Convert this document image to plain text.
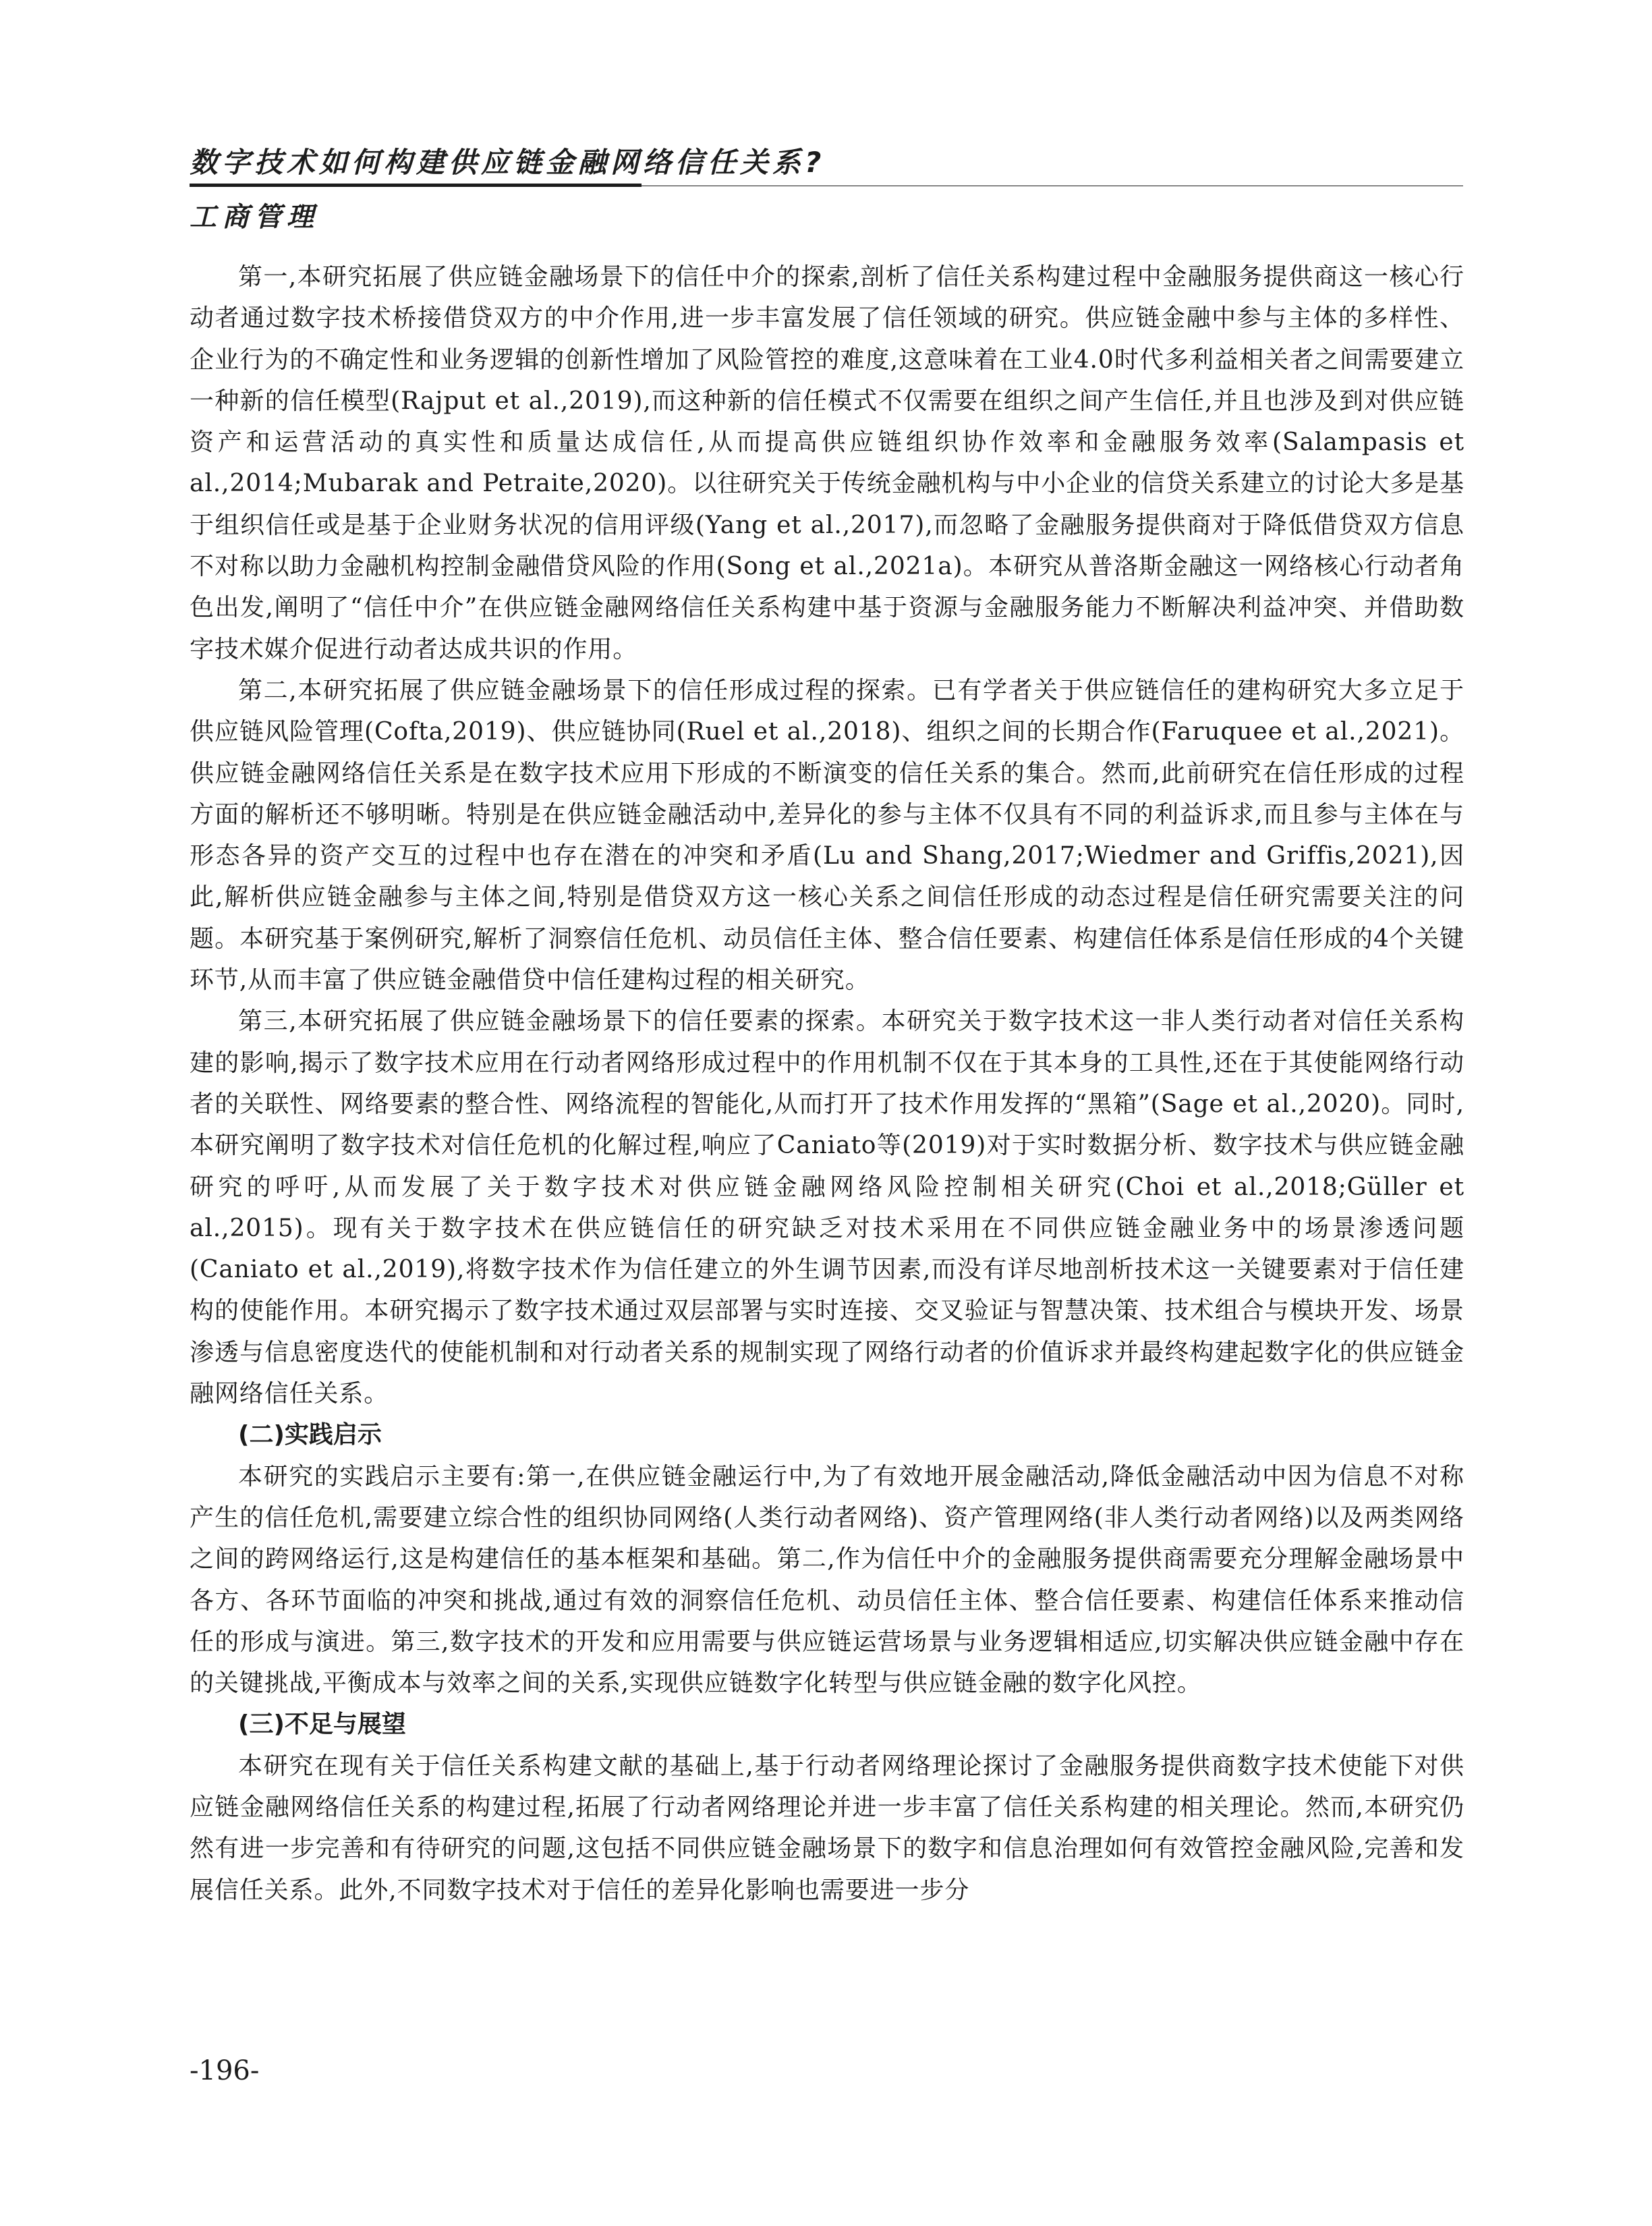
数字技术如何构建供应链金融网络信任关系?
工商管理

第一,本研究拓展了供应链金融场景下的信任中介的探索,剖析了信任关系构建过程中金融服务提供商这一核心行动者通过数字技术桥接借贷双方的中介作用,进一步丰富发展了信任领域的研究。供应链金融中参与主体的多样性、企业行为的不确定性和业务逻辑的创新性增加了风险管控的难度,这意味着在工业4.0时代多利益相关者之间需要建立一种新的信任模型(Rajput et al.,2019),而这种新的信任模式不仅需要在组织之间产生信任,并且也涉及到对供应链资产和运营活动的真实性和质量达成信任,从而提高供应链组织协作效率和金融服务效率(Salampasis et al.,2014;Mubarak and Petraite,2020)。以往研究关于传统金融机构与中小企业的信贷关系建立的讨论大多是基于组织信任或是基于企业财务状况的信用评级(Yang et al.,2017),而忽略了金融服务提供商对于降低借贷双方信息不对称以助力金融机构控制金融借贷风险的作用(Song et al.,2021a)。本研究从普洛斯金融这一网络核心行动者角色出发,阐明了“信任中介”在供应链金融网络信任关系构建中基于资源与金融服务能力不断解决利益冲突、并借助数字技术媒介促进行动者达成共识的作用。

第二,本研究拓展了供应链金融场景下的信任形成过程的探索。已有学者关于供应链信任的建构研究大多立足于供应链风险管理(Cofta,2019)、供应链协同(Ruel et al.,2018)、组织之间的长期合作(Faruquee et al.,2021)。供应链金融网络信任关系是在数字技术应用下形成的不断演变的信任关系的集合。然而,此前研究在信任形成的过程方面的解析还不够明晰。特别是在供应链金融活动中,差异化的参与主体不仅具有不同的利益诉求,而且参与主体在与形态各异的资产交互的过程中也存在潜在的冲突和矛盾(Lu and Shang,2017;Wiedmer and Griffis,2021),因此,解析供应链金融参与主体之间,特别是借贷双方这一核心关系之间信任形成的动态过程是信任研究需要关注的问题。本研究基于案例研究,解析了洞察信任危机、动员信任主体、整合信任要素、构建信任体系是信任形成的4个关键环节,从而丰富了供应链金融借贷中信任建构过程的相关研究。

第三,本研究拓展了供应链金融场景下的信任要素的探索。本研究关于数字技术这一非人类行动者对信任关系构建的影响,揭示了数字技术应用在行动者网络形成过程中的作用机制不仅在于其本身的工具性,还在于其使能网络行动者的关联性、网络要素的整合性、网络流程的智能化,从而打开了技术作用发挥的“黑箱”(Sage et al.,2020)。同时,本研究阐明了数字技术对信任危机的化解过程,响应了Caniato等(2019)对于实时数据分析、数字技术与供应链金融研究的呼吁,从而发展了关于数字技术对供应链金融网络风险控制相关研究(Choi et al.,2018;Güller et al.,2015)。现有关于数字技术在供应链信任的研究缺乏对技术采用在不同供应链金融业务中的场景渗透问题(Caniato et al.,2019),将数字技术作为信任建立的外生调节因素,而没有详尽地剖析技术这一关键要素对于信任建构的使能作用。本研究揭示了数字技术通过双层部署与实时连接、交叉验证与智慧决策、技术组合与模块开发、场景渗透与信息密度迭代的使能机制和对行动者关系的规制实现了网络行动者的价值诉求并最终构建起数字化的供应链金融网络信任关系。

(二)实践启示

本研究的实践启示主要有:第一,在供应链金融运行中,为了有效地开展金融活动,降低金融活动中因为信息不对称产生的信任危机,需要建立综合性的组织协同网络(人类行动者网络)、资产管理网络(非人类行动者网络)以及两类网络之间的跨网络运行,这是构建信任的基本框架和基础。第二,作为信任中介的金融服务提供商需要充分理解金融场景中各方、各环节面临的冲突和挑战,通过有效的洞察信任危机、动员信任主体、整合信任要素、构建信任体系来推动信任的形成与演进。第三,数字技术的开发和应用需要与供应链运营场景与业务逻辑相适应,切实解决供应链金融中存在的关键挑战,平衡成本与效率之间的关系,实现供应链数字化转型与供应链金融的数字化风控。

(三)不足与展望

本研究在现有关于信任关系构建文献的基础上,基于行动者网络理论探讨了金融服务提供商数字技术使能下对供应链金融网络信任关系的构建过程,拓展了行动者网络理论并进一步丰富了信任关系构建的相关理论。然而,本研究仍然有进一步完善和有待研究的问题,这包括不同供应链金融场景下的数字和信息治理如何有效管控金融风险,完善和发展信任关系。此外,不同数字技术对于信任的差异化影响也需要进一步分

-196-
